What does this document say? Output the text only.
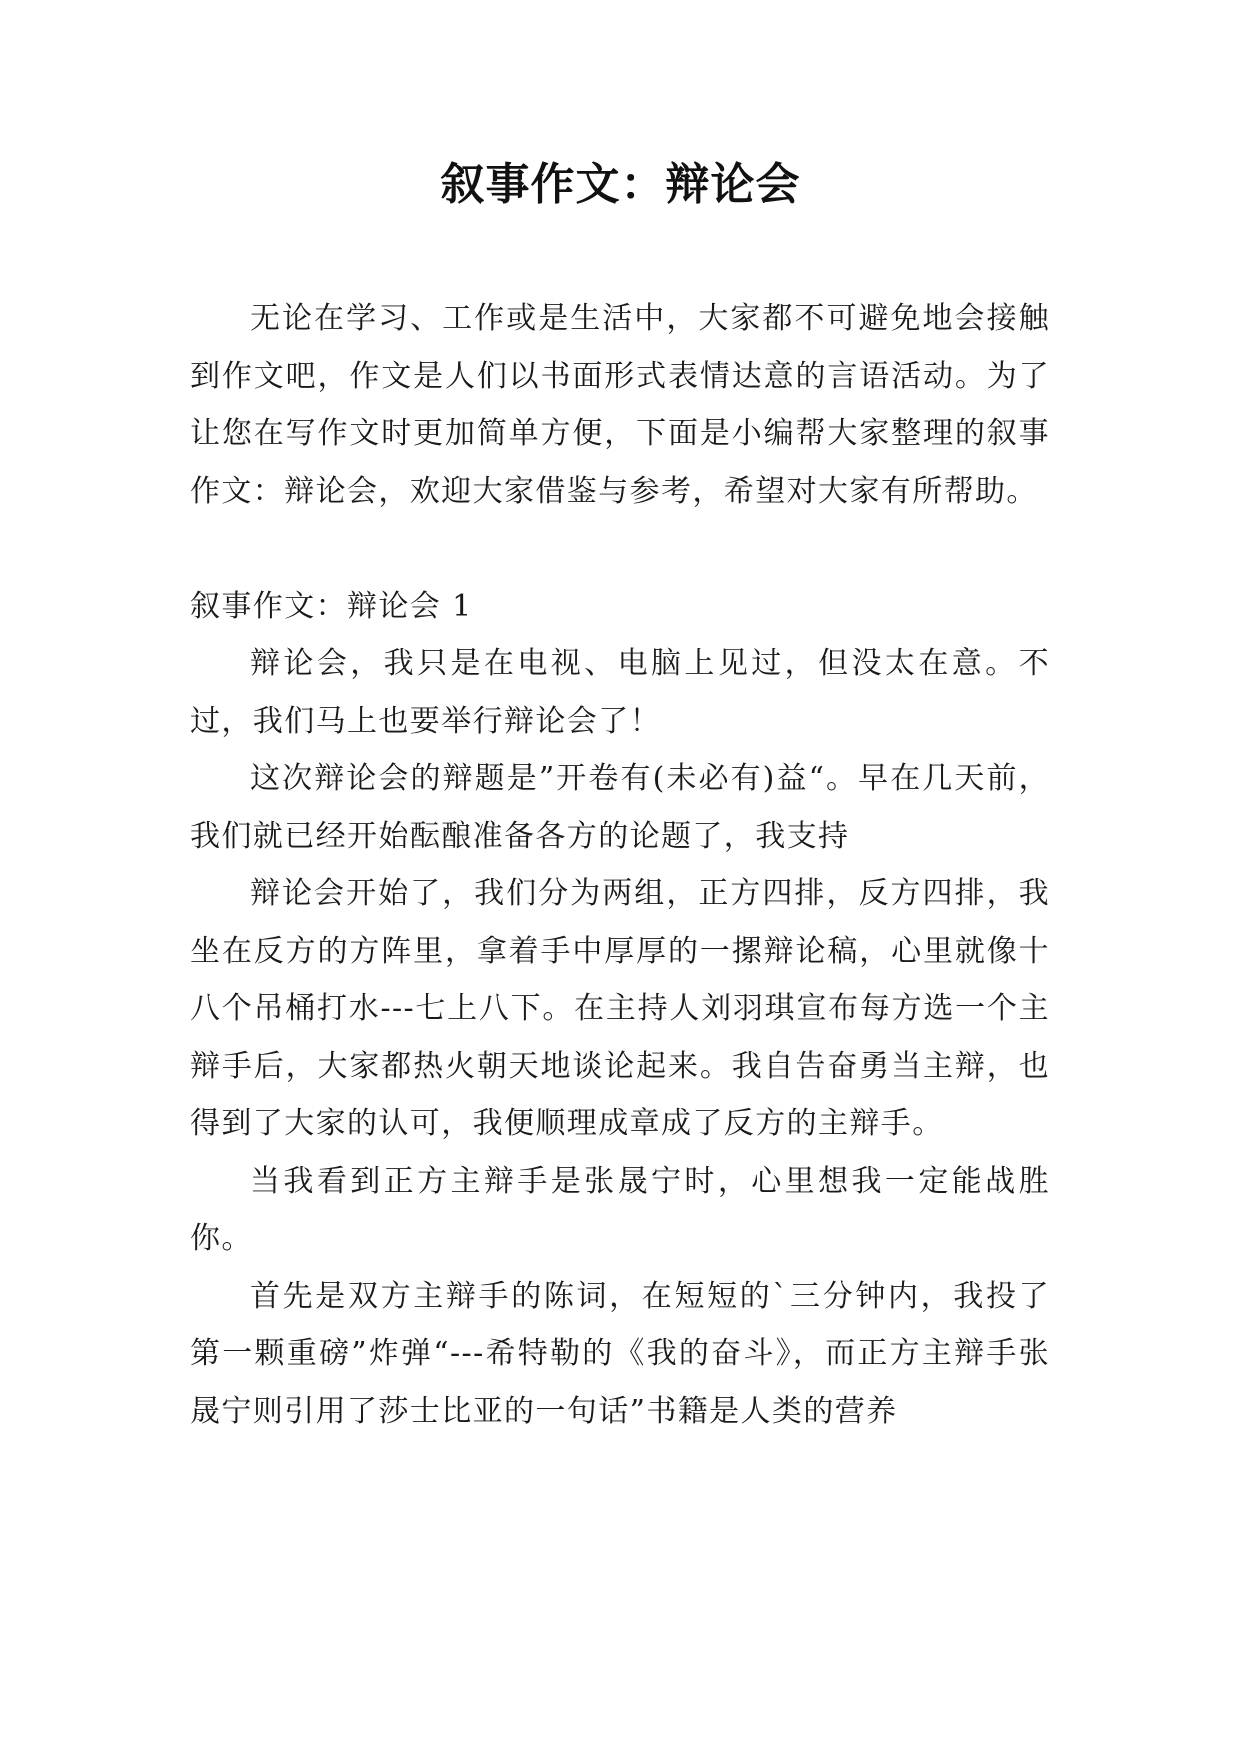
叙事作文：辩论会

无论在学习、工作或是生活中，大家都不可避免地会接触到作文吧，作文是人们以书面形式表情达意的言语活动。为了让您在写作文时更加简单方便，下面是小编帮大家整理的叙事作文：辩论会，欢迎大家借鉴与参考，希望对大家有所帮助。

叙事作文：辩论会 1

辩论会，我只是在电视、电脑上见过，但没太在意。不过，我们马上也要举行辩论会了！

这次辩论会的辩题是”开卷有(未必有)益“。早在几天前，我们就已经开始酝酿准备各方的论题了，我支持

辩论会开始了，我们分为两组，正方四排，反方四排，我坐在反方的方阵里，拿着手中厚厚的一摞辩论稿，心里就像十八个吊桶打水---七上八下。在主持人刘羽琪宣布每方选一个主辩手后，大家都热火朝天地谈论起来。我自告奋勇当主辩，也得到了大家的认可，我便顺理成章成了反方的主辩手。

当我看到正方主辩手是张晟宁时，心里想我一定能战胜你。

首先是双方主辩手的陈词，在短短的`三分钟内，我投了第一颗重磅”炸弹“---希特勒的《我的奋斗》，而正方主辩手张晟宁则引用了莎士比亚的一句话”书籍是人类的营养
